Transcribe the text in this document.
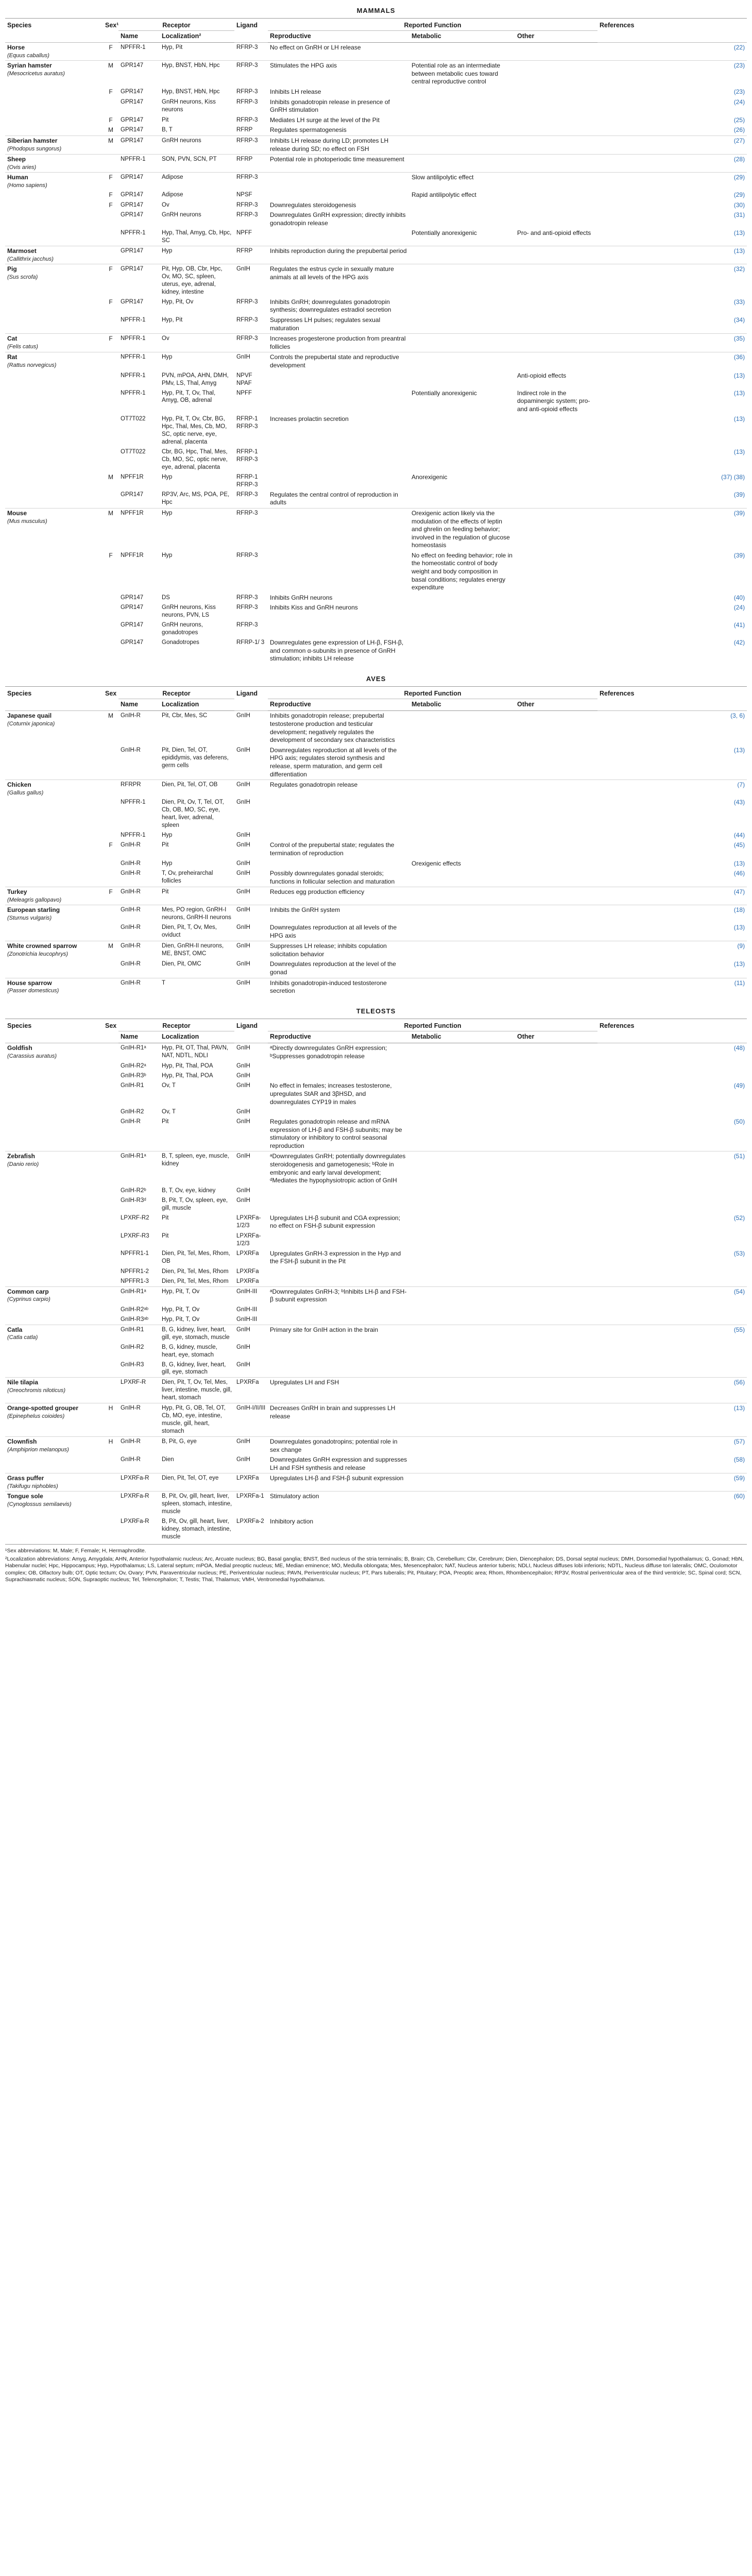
MAMMALS								
Species	Sex¹	Receptor		Ligand	Reported Function			References
		Name	Localization²		Reproductive	Metabolic	Other	
Horse
(Equus caballus)	F	NPFFR-1	Hyp, Pit	RFRP-3	No effect on GnRH or LH release			(22)
Syrian hamster
(Mesocricetus auratus)	M	GPR147	Hyp, BNST, HbN, Hpc	RFRP-3	Stimulates the HPG axis	Potential role as an intermediate between metabolic cues toward central reproductive control		(23)

	F	GPR147	Hyp, BNST, HbN, Hpc	RFRP-3	Inhibits LH release			(23)

		GPR147	GnRH neurons, Kiss neurons	RFRP-3	Inhibits gonadotropin release in presence of GnRH stimulation			(24)

	F	GPR147	Pit	RFRP-3	Mediates LH surge at the level of the Pit			(25)

	M	GPR147	B, T	RFRP	Regulates spermatogenesis			(26)
Siberian hamster
(Phodopus sungorus)	M	GPR147	GnRH neurons	RFRP-3	Inhibits LH release during LD; promotes LH release during SD; no effect on FSH			(27)
Sheep
(Ovis aries)		NPFFR-1	SON, PVN, SCN, PT	RFRP	Potential role in photoperiodic time measurement			(28)
Human
(Homo sapiens)	F	GPR147	Adipose	RFRP-3		Slow antilipolytic effect		(29)

	F	GPR147	Adipose	NPSF		Rapid antilipolytic effect		(29)

	F	GPR147	Ov	RFRP-3	Downregulates steroidogenesis			(30)

		GPR147	GnRH neurons	RFRP-3	Downregulates GnRH expression; directly inhibits gonadotropin release			(31)

		NPFFR-1	Hyp, Thal, Amyg, Cb, Hpc, SC	NPFF		Potentially anorexigenic	Pro- and anti-opioid effects	(13)
Marmoset
(Callithrix jacchus)		GPR147	Hyp	RFRP	Inhibits reproduction during the prepubertal period			(13)
Pig
(Sus scrofa)	F	GPR147	Pit, Hyp, OB, Cbr, Hpc, Ov, MO, SC, spleen, uterus, eye, adrenal, kidney, intestine	GnIH	Regulates the estrus cycle in sexually mature animals at all levels of the HPG axis			(32)

	F	GPR147	Hyp, Pit, Ov	RFRP-3	Inhibits GnRH; downregulates gonadotropin synthesis; downregulates estradiol secretion			(33)

		NPFFR-1	Hyp, Pit	RFRP-3	Suppresses LH pulses; regulates sexual maturation			(34)
Cat
(Felis catus)	F	NPFFR-1	Ov	RFRP-3	Increases progesterone production from preantral follicles			(35)
Rat
(Rattus norvegicus)		NPFFR-1	Hyp	GnIH	Controls the prepubertal state and reproductive development			(36)

		NPFFR-1	PVN, mPOA, AHN, DMH, PMv, LS, Thal, Amyg	NPVF NPAF			Anti-opioid effects	(13)

		NPFFR-1	Hyp, Pit, T, Ov, Thal, Amyg, OB, adrenal	NPFF		Potentially anorexigenic	Indirect role in the dopaminergic system; pro- and anti-opioid effects	(13)

		OT7T022	Hyp, Pit, T, Ov, Cbr, BG, Hpc, Thal, Mes, Cb, MO, SC, optic nerve, eye, adrenal, placenta	RFRP-1 RFRP-3	Increases prolactin secretion			(13)

		OT7T022	Cbr, BG, Hpc, Thal, Mes, Cb, MO, SC, optic nerve, eye, adrenal, placenta	RFRP-1 RFRP-3				(13)

	M	NPFF1R	Hyp	RFRP-1 RFRP-3		Anorexigenic		(37) (38)

		GPR147	RP3V, Arc, MS, POA, PE, Hpc	RFRP-3	Regulates the central control of reproduction in adults			(39)
Mouse
(Mus musculus)	M	NPFF1R	Hyp	RFRP-3		Orexigenic action likely via the modulation of the effects of leptin and ghrelin on feeding behavior; involved in the regulation of glucose homeostasis		(39)

	F	NPFF1R	Hyp	RFRP-3		No effect on feeding behavior; role in the homeostatic control of body weight and body composition in basal conditions; regulates energy expenditure		(39)

		GPR147	DS	RFRP-3	Inhibits GnRH neurons			(40)

		GPR147	GnRH neurons, Kiss neurons, PVN, LS	RFRP-3	Inhibits Kiss and GnRH neurons			(24)

		GPR147	GnRH neurons, gonadotropes	RFRP-3				(41)

		GPR147	Gonadotropes	RFRP-1/ 3	Downregulates gene expression of LH-β, FSH-β, and common α-subunits in presence of GnRH stimulation; inhibits LH release			(42)

AVES								
Species	Sex	Receptor		Ligand	Reported Function			References
		Name	Localization		Reproductive	Metabolic	Other	
Japanese quail
(Coturnix japonica)	M	GnIH-R	Pit, Cbr, Mes, SC	GnIH	Inhibits gonadotropin release; prepubertal testosterone production and testicular development; negatively regulates the development of secondary sex characteristics			(3, 6)

		GnIH-R	Pit, Dien, Tel, OT, epididymis, vas deferens, germ cells	GnIH	Downregulates reproduction at all levels of the HPG axis; regulates steroid synthesis and release, sperm maturation, and germ cell differentiation			(13)
Chicken
(Gallus gallus)		RFRPR	Dien, Pit, Tel, OT, OB	GnIH	Regulates gonadotropin release			(7)

		NPFFR-1	Dien, Pit, Ov, T, Tel, OT, Cb, OB, MO, SC, eye, heart, liver, adrenal, spleen	GnIH				(43)

		NPFFR-1	Hyp	GnIH				(44)

	F	GnIH-R	Pit	GnIH	Control of the prepubertal state; regulates the termination of reproduction			(45)

		GnIH-R	Hyp	GnIH		Orexigenic effects		(13)

		GnIH-R	T, Ov, preheirarchal follicles	GnIH	Possibly downregulates gonadal steroids; functions in follicular selection and maturation			(46)
Turkey
(Meleagris gallopavo)	F	GnIH-R	Pit	GnIH	Reduces egg production efficiency			(47)
European starling
(Sturnus vulgaris)		GnIH-R	Mes, PO region, GnRH-I neurons, GnRH-II neurons	GnIH	Inhibits the GnRH system			(18)

		GnIH-R	Dien, Pit, T, Ov, Mes, oviduct	GnIH	Downregulates reproduction at all levels of the HPG axis			(13)
White crowned sparrow
(Zonotrichia leucophrys)	M	GnIH-R	Dien, GnRH-II neurons, ME, BNST, OMC	GnIH	Suppresses LH release; inhibits copulation solicitation behavior			(9)

		GnIH-R	Dien, Pit, OMC	GnIH	Downregulates reproduction at the level of the gonad			(13)
House sparrow
(Passer domesticus)		GnIH-R	T	GnIH	Inhibits gonadotropin-induced testosterone secretion			(11)

TELEOSTS								
Species	Sex	Receptor		Ligand	Reported Function			References
		Name	Localization		Reproductive	Metabolic	Other	
Goldfish
(Carassius auratus)		GnIH-R1ᵃ	Hyp, Pit, OT, Thal, PAVN, NAT, NDTL, NDLI	GnIH	ᵃDirectly downregulates GnRH expression; ᵇSuppresses gonadotropin release			(48)

		GnIH-R2ᵃ	Hyp, Pit, Thal, POA	GnIH				

		GnIH-R3ᵇ	Hyp, Pit, Thal, POA	GnIH				

		GnIH-R1	Ov, T	GnIH	No effect in females; increases testosterone, upregulates StAR and 3βHSD, and downregulates CYP19 in males			(49)

		GnIH-R2	Ov, T	GnIH				

		GnIH-R	Pit	GnIH	Regulates gonadotropin release and mRNA expression of LH-β and FSH-β subunits; may be stimulatory or inhibitory to control seasonal reproduction			(50)
Zebrafish
(Danio rerio)		GnIH-R1ᵃ	B, T, spleen, eye, muscle, kidney	GnIH	ᵃDownregulates GnRH; potentially downregulates steroidogenesis and gametogenesis; ᵇRole in embryonic and early larval development; ᵈMediates the hypophysiotropic action of GnIH			(51)

		GnIH-R2ᵇ	B, T, Ov, eye, kidney	GnIH				

		GnIH-R3ᵈ	B, Pit, T, Ov, spleen, eye, gill, muscle	GnIH				

		LPXRF-R2	Pit	LPXRFa-1/2/3	Upregulates LH-β subunit and CGA expression; no effect on FSH-β subunit expression			(52)

		LPXRF-R3	Pit	LPXRFa-1/2/3				

		NPFFR1-1	Dien, Pit, Tel, Mes, Rhom, OB	LPXRFa	Upregulates GnRH-3 expression in the Hyp and the FSH-β subunit in the Pit			(53)

		NPFFR1-2	Dien, Pit, Tel, Mes, Rhom	LPXRFa				

		NPFFR1-3	Dien, Pit, Tel, Mes, Rhom	LPXRFa				
Common carp
(Cyprinus carpio)		GnIH-R1ᵃ	Hyp, Pit, T, Ov	GnIH-III	ᵃDownregulates GnRH-3; ᵇInhibits LH-β and FSH-β subunit expression			(54)

		GnIH-R2ᵃᵇ	Hyp, Pit, T, Ov	GnIH-III				

		GnIH-R3ᵃᵇ	Hyp, Pit, T, Ov	GnIH-III				
Catla
(Catla catla)		GnIH-R1	B, G, kidney, liver, heart, gill, eye, stomach, muscle	GnIH	Primary site for GnIH action in the brain			(55)

		GnIH-R2	B, G, kidney, muscle, heart, eye, stomach	GnIH				

		GnIH-R3	B, G, kidney, liver, heart, gill, eye, stomach	GnIH				
Nile tilapia
(Oreochromis niloticus)		LPXRF-R	Dien, Pit, T, Ov, Tel, Mes, liver, intestine, muscle, gill, heart, stomach	LPXRFa	Upregulates LH and FSH			(56)
Orange-spotted grouper
(Epinephelus coioides)	H	GnIH-R	Hyp, Pit, G, OB, Tel, OT, Cb, MO, eye, intestine, muscle, gill, heart, stomach	GnIH-I/II/III	Decreases GnRH in brain and suppresses LH release			(13)
Clownfish
(Amphiprion melanopus)	H	GnIH-R	B, Pit, G, eye	GnIH	Downregulates gonadotropins; potential role in sex change			(57)

		GnIH-R	Dien	GnIH	Downregulates GnRH expression and suppresses LH and FSH synthesis and release			(58)
Grass puffer
(Takifugu niphobles)		LPXRFa-R	Dien, Pit, Tel, OT, eye	LPXRFa	Upregulates LH-β and FSH-β subunit expression			(59)
Tongue sole
(Cynoglossus semilaevis)		LPXRFa-R	B, Pit, Ov, gill, heart, liver, spleen, stomach, intestine, muscle	LPXRFa-1	Stimulatory action			(60)

		LPXRFa-R	B, Pit, Ov, gill, heart, liver, kidney, stomach, intestine, muscle	LPXRFa-2	Inhibitory action			

¹Sex abbreviations: M, Male; F, Female; H, Hermaphrodite.

²Localization abbreviations: Amyg, Amygdala; AHN, Anterior hypothalamic nucleus; Arc, Arcuate nucleus; BG, Basal ganglia; BNST, Bed nucleus of the stria terminalis; B, Brain; Cb, Cerebellum; Cbr, Cerebrum; Dien, Diencephalon; DS, Dorsal septal nucleus; DMH, Dorsomedial hypothalamus; G, Gonad; HbN, Habenular nuclei; Hpc, Hippocampus; Hyp, Hypothalamus; LS, Lateral septum; mPOA, Medial preoptic nucleus; ME, Median eminence; MO, Medulla oblongata; Mes, Mesencephalon; NAT, Nucleus anterior tuberis; NDLI, Nucleus diffuses lobi inferioris; NDTL, Nucleus diffuse tori lateralis; OMC, Oculomotor complex; OB, Olfactory bulb; OT, Optic tectum; Ov, Ovary; PVN, Paraventricular nucleus; PE, Periventricular nucleus; PAVN, Periventricular nucleus; PT, Pars tuberalis; Pit, Pituitary; POA, Preoptic area; Rhom, Rhombencephalon; RP3V, Rostral periventricular area of the third ventricle; SC, Spinal cord; SCN, Suprachiasmatic nucleus; SON, Supraoptic nucleus; Tel, Telencephalon; T, Testis; Thal, Thalamus; VMH, Ventromedial hypothalamus.
